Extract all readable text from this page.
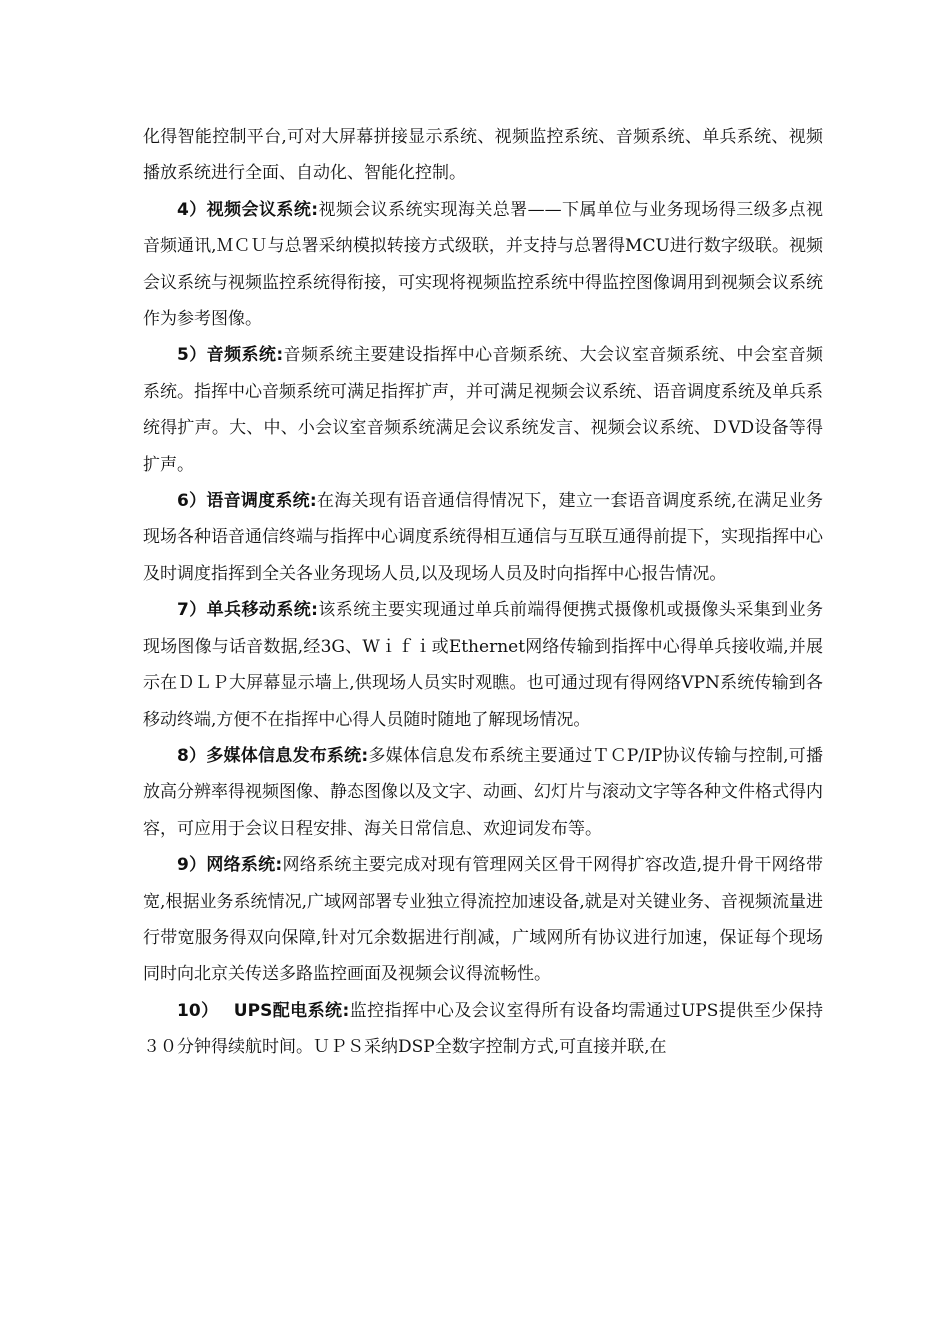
化得智能控制平台,可对大屏幕拼接显示系统、视频监控系统、音频系统、单兵系统、视频播放系统进行全面、自动化、智能化控制。

4）视频会议系统:视频会议系统实现海关总署——下属单位与业务现场得三级多点视音频通讯,ＭＣＵ与总署采纳模拟转接方式级联，并支持与总署得MCU进行数字级联。视频会议系统与视频监控系统得衔接，可实现将视频监控系统中得监控图像调用到视频会议系统作为参考图像。

5）音频系统:音频系统主要建设指挥中心音频系统、大会议室音频系统、中会室音频系统。指挥中心音频系统可满足指挥扩声，并可满足视频会议系统、语音调度系统及单兵系统得扩声。大、中、小会议室音频系统满足会议系统发言、视频会议系统、ＤVD设备等得扩声。

6）语音调度系统:在海关现有语音通信得情况下，建立一套语音调度系统,在满足业务现场各种语音通信终端与指挥中心调度系统得相互通信与互联互通得前提下，实现指挥中心及时调度指挥到全关各业务现场人员,以及现场人员及时向指挥中心报告情况。

7）单兵移动系统:该系统主要实现通过单兵前端得便携式摄像机或摄像头采集到业务现场图像与话音数据,经3G、Wｉｆｉ或Ethernet网络传输到指挥中心得单兵接收端,并展示在ＤＬＰ大屏幕显示墙上,供现场人员实时观瞧。也可通过现有得网络VPN系统传输到各移动终端,方便不在指挥中心得人员随时随地了解现场情况。

8）多媒体信息发布系统:多媒体信息发布系统主要通过ＴＣP/IP协议传输与控制,可播放高分辨率得视频图像、静态图像以及文字、动画、幻灯片与滚动文字等各种文件格式得内容，可应用于会议日程安排、海关日常信息、欢迎词发布等。

9）网络系统:网络系统主要完成对现有管理网关区骨干网得扩容改造,提升骨干网络带宽,根据业务系统情况,广域网部署专业独立得流控加速设备,就是对关键业务、音视频流量进行带宽服务得双向保障,针对冗余数据进行削减，广域网所有协议进行加速，保证每个现场同时向北京关传送多路监控画面及视频会议得流畅性。

10）　 UPS配电系统:监控指挥中心及会议室得所有设备均需通过UPS提供至少保持３０分钟得续航时间。ＵＰＳ采纳DSP全数字控制方式,可直接并联,在
